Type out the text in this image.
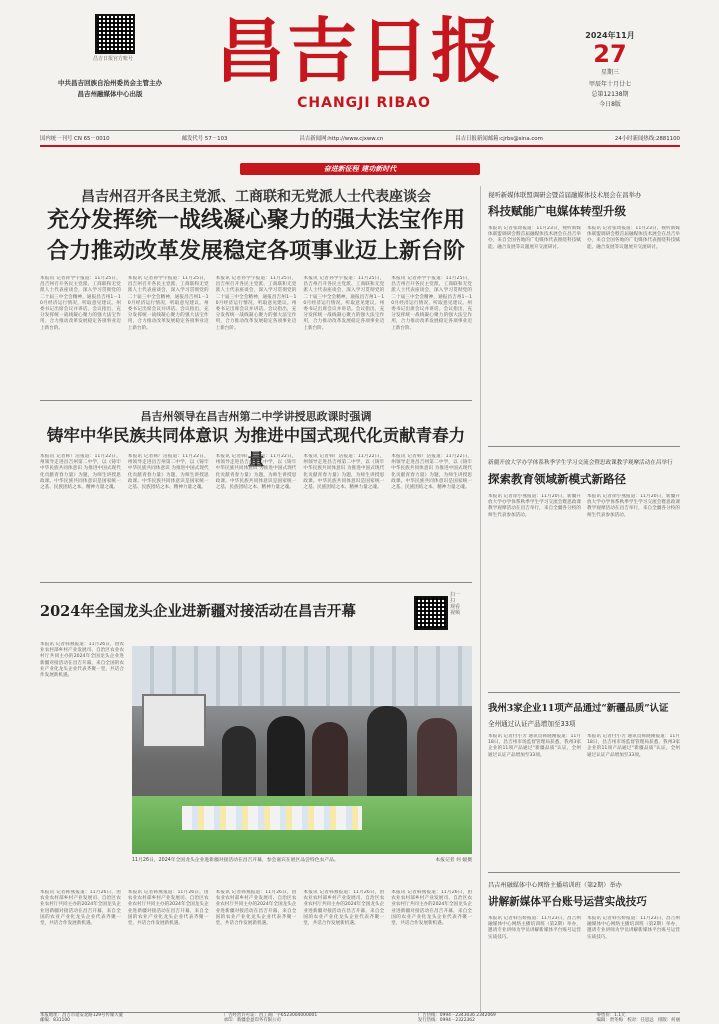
昌吉日报官方账号
中共昌吉回族自治州委员会主管主办
昌吉州融媒体中心出版
昌吉日报
CHANGJI RIBAO
2024年11月
27
星期三
甲辰年十月廿七
总第12138期
今日8版
国内统一刊号 CN 65－0010	邮发代号 57－103	昌吉新闻网:http://www.cjxww.cn	昌吉日报新闻邮箱:cjrbs@sina.com	24小时新闻热线:2881100
奋进新征程 建功新时代
昌吉州召开各民主党派、工商联和无党派人士代表座谈会
充分发挥统一战线凝心聚力的强大法宝作用
合力推动改革发展稳定各项事业迈上新台阶
本报讯 记者孙学宇报道：11月25日，昌吉州召开各民主党派、工商联和无党派人士代表座谈会，深入学习贯彻党的二十届三中全会精神，通报昌吉州1－10月经济运行情况，听取意见建议。州委书记出席会议并讲话。会议指出，充分发挥统一战线凝心聚力的强大法宝作用，合力推动改革发展稳定各项事业迈上新台阶。
本报讯 记者孙学宇报道：11月25日，昌吉州召开各民主党派、工商联和无党派人士代表座谈会，深入学习贯彻党的二十届三中全会精神，通报昌吉州1－10月经济运行情况，听取意见建议。州委书记出席会议并讲话。会议指出，充分发挥统一战线凝心聚力的强大法宝作用，合力推动改革发展稳定各项事业迈上新台阶。
本报讯 记者孙学宇报道：11月25日，昌吉州召开各民主党派、工商联和无党派人士代表座谈会，深入学习贯彻党的二十届三中全会精神，通报昌吉州1－10月经济运行情况，听取意见建议。州委书记出席会议并讲话。会议指出，充分发挥统一战线凝心聚力的强大法宝作用，合力推动改革发展稳定各项事业迈上新台阶。
本报讯 记者孙学宇报道：11月25日，昌吉州召开各民主党派、工商联和无党派人士代表座谈会，深入学习贯彻党的二十届三中全会精神，通报昌吉州1－10月经济运行情况，听取意见建议。州委书记出席会议并讲话。会议指出，充分发挥统一战线凝心聚力的强大法宝作用，合力推动改革发展稳定各项事业迈上新台阶。
本报讯 记者孙学宇报道：11月25日，昌吉州召开各民主党派、工商联和无党派人士代表座谈会，深入学习贯彻党的二十届三中全会精神，通报昌吉州1－10月经济运行情况，听取意见建议。州委书记出席会议并讲话。会议指出，充分发挥统一战线凝心聚力的强大法宝作用，合力推动改革发展稳定各项事业迈上新台阶。
昌吉州领导在昌吉州第二中学讲授思政课时强调
铸牢中华民族共同体意识 为推进中国式现代化贡献青春力量
本报讯 记者韩广洁报道：11月22日，州领导走进昌吉州第二中学，以《铸牢中华民族共同体意识 为推进中国式现代化贡献青春力量》为题，为师生讲授思政课。中华民族共同体意识是国家统一之基、民族团结之本、精神力量之魂。
本报讯 记者韩广洁报道：11月22日，州领导走进昌吉州第二中学，以《铸牢中华民族共同体意识 为推进中国式现代化贡献青春力量》为题，为师生讲授思政课。中华民族共同体意识是国家统一之基、民族团结之本、精神力量之魂。
本报讯 记者韩广洁报道：11月22日，州领导走进昌吉州第二中学，以《铸牢中华民族共同体意识 为推进中国式现代化贡献青春力量》为题，为师生讲授思政课。中华民族共同体意识是国家统一之基、民族团结之本、精神力量之魂。
本报讯 记者韩广洁报道：11月22日，州领导走进昌吉州第二中学，以《铸牢中华民族共同体意识 为推进中国式现代化贡献青春力量》为题，为师生讲授思政课。中华民族共同体意识是国家统一之基、民族团结之本、精神力量之魂。
本报讯 记者韩广洁报道：11月22日，州领导走进昌吉州第二中学，以《铸牢中华民族共同体意识 为推进中国式现代化贡献青春力量》为题，为师生讲授思政课。中华民族共同体意识是国家统一之基、民族团结之本、精神力量之魂。
2024年全国龙头企业进新疆对接活动在昌吉开幕
扫一扫 观看视频
本报讯 记者韩燕报道：11月26日，由农业农村部乡村产业发展司、自治区农业农村厅共同主办的2024年全国龙头企业进新疆对接活动在昌吉开幕，来自全国的农业产业化龙头企业代表齐聚一堂，共话合作发展新机遇。
11月26日，2024年全国龙头企业进新疆对接活动在昌吉开幕，参会嘉宾在展区品尝特色农产品。	本报记者 何 媛摄
本报讯 记者韩燕报道：11月26日，由农业农村部乡村产业发展司、自治区农业农村厅共同主办的2024年全国龙头企业进新疆对接活动在昌吉开幕，来自全国的农业产业化龙头企业代表齐聚一堂，共话合作发展新机遇。
本报讯 记者韩燕报道：11月26日，由农业农村部乡村产业发展司、自治区农业农村厅共同主办的2024年全国龙头企业进新疆对接活动在昌吉开幕，来自全国的农业产业化龙头企业代表齐聚一堂，共话合作发展新机遇。
本报讯 记者韩燕报道：11月26日，由农业农村部乡村产业发展司、自治区农业农村厅共同主办的2024年全国龙头企业进新疆对接活动在昌吉开幕，来自全国的农业产业化龙头企业代表齐聚一堂，共话合作发展新机遇。
本报讯 记者韩燕报道：11月26日，由农业农村部乡村产业发展司、自治区农业农村厅共同主办的2024年全国龙头企业进新疆对接活动在昌吉开幕，来自全国的农业产业化龙头企业代表齐聚一堂，共话合作发展新机遇。
本报讯 记者韩燕报道：11月26日，由农业农村部乡村产业发展司、自治区农业农村厅共同主办的2024年全国龙头企业进新疆对接活动在昌吉开幕，来自全国的农业产业化龙头企业代表齐聚一堂，共话合作发展新机遇。
视听新媒体联盟调研会暨首届融媒体技术展会在昌举办
科技赋能广电媒体转型升级
本报讯 记者张琦报道：11月23日，视听新媒体联盟调研会暨首届融媒体技术展会在昌吉举办，来自全国各地的广电媒体代表围绕科技赋能、融合发展等议题展开交流研讨。
本报讯 记者张琦报道：11月23日，视听新媒体联盟调研会暨首届融媒体技术展会在昌吉举办，来自全国各地的广电媒体代表围绕科技赋能、融合发展等议题展开交流研讨。
新疆开放大学办学体系秋季学生学习交流会暨思政课教学观摩活动在昌举行
探索教育领域新模式新路径
本报讯 记者徐小燕报道：11月20日，新疆开放大学办学体系秋季学生学习交流会暨思政课教学观摩活动在昌吉举行，来自全疆各分校的师生代表参加活动。
本报讯 记者徐小燕报道：11月20日，新疆开放大学办学体系秋季学生学习交流会暨思政课教学观摩活动在昌吉举行，来自全疆各分校的师生代表参加活动。
我州3家企业11项产品通过“新疆品质”认证
全州通过认证产品增加至33项
本报讯 记者付小芳 通讯员韩晓刚报道：11月18日，昌吉州市场监督管理局获悉，我州3家企业的11项产品通过“新疆品质”认证，全州通过认证产品增加至33项。
本报讯 记者付小芳 通讯员韩晓刚报道：11月18日，昌吉州市场监督管理局获悉，我州3家企业的11项产品通过“新疆品质”认证，全州通过认证产品增加至33项。
昌吉州融媒体中心网络主播培训班（第2期）举办
讲解新媒体平台账号运营实战技巧
本报讯 记者韩雪娇报道：11月23日，昌吉州融媒体中心网络主播培训班（第2期）举办，邀请专业讲师为学员讲解新媒体平台账号运营实战技巧。
本报讯 记者韩雪娇报道：11月23日，昌吉州融媒体中心网络主播培训班（第2期）举办，邀请专业讲师为学员讲解新媒体平台账号运营实战技巧。
本报地址：昌吉市延安北路129号传媒大厦
邮编：831100
广告经营许可证：昌工商广字6523004000001
承印：新疆金盈印务有限公司
广告热线：0994－2343036 2342069
发行热线：0994－2322362
零售价：1.1元
编辑：贾冬梅　校对：任思远　排版：何丽
